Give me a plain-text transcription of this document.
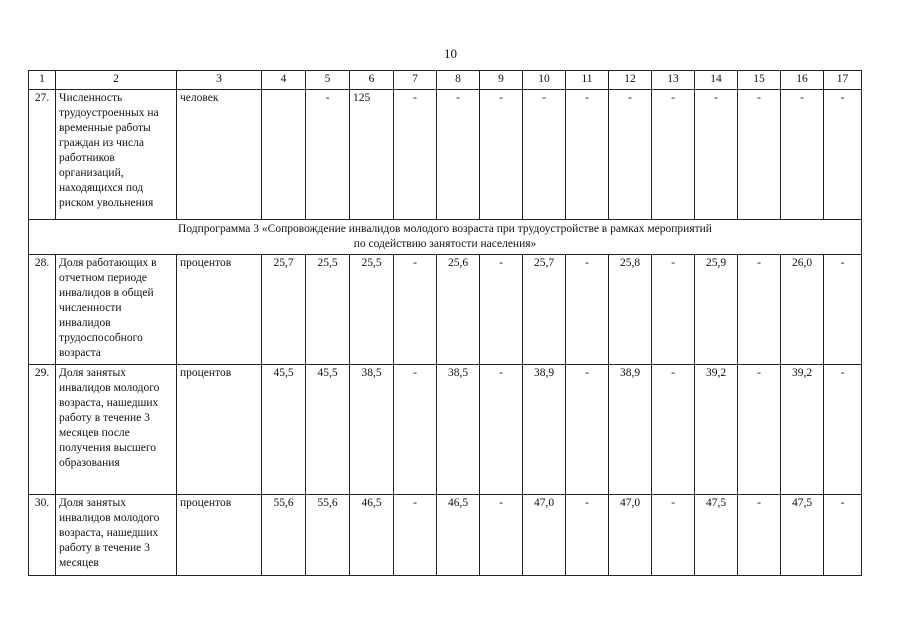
10
1	2	3	4	5	6	7	8	9	10	11	12	13	14	15	16	17
27.	Численность трудоустроенных на временные работы граждан из числа работников организаций, находящихся под риском увольнения	человек		-	125	-	-	-	-	-	-	-	-	-	-	-

Подпрограмма 3 «Сопровождение инвалидов молодого возраста при трудоустройстве в рамках мероприятий
по содействию занятости населения»																

28.	Доля работающих в отчетном периоде инвалидов в общей численности инвалидов трудоспособного возраста	процентов	25,7	25,5	25,5	-	25,6	-	25,7	-	25,8	-	25,9	-	26,0	-
29.	Доля занятых инвалидов молодого возраста, нашедших работу в течение 3 месяцев после получения высшего образования	процентов	45,5	45,5	38,5	-	38,5	-	38,9	-	38,9	-	39,2	-	39,2	-
30.	Доля занятых инвалидов молодого возраста, нашедших работу в течение 3 месяцев	процентов	55,6	55,6	46,5	-	46,5	-	47,0	-	47,0	-	47,5	-	47,5	-
